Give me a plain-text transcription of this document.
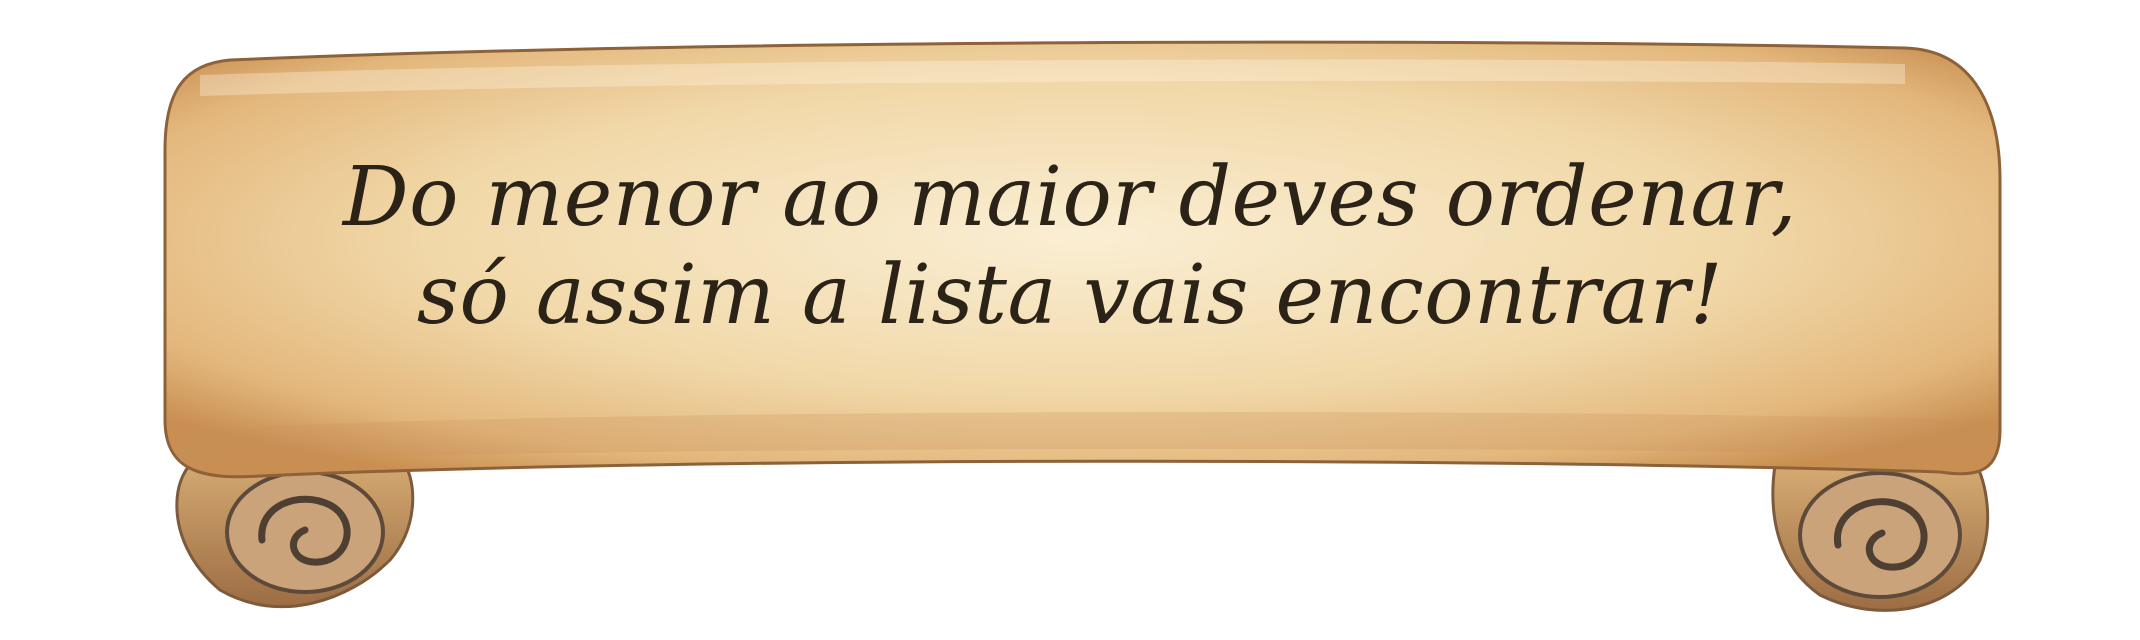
Do menor ao maior deves ordenar,
só assim a lista vais encontrar!
